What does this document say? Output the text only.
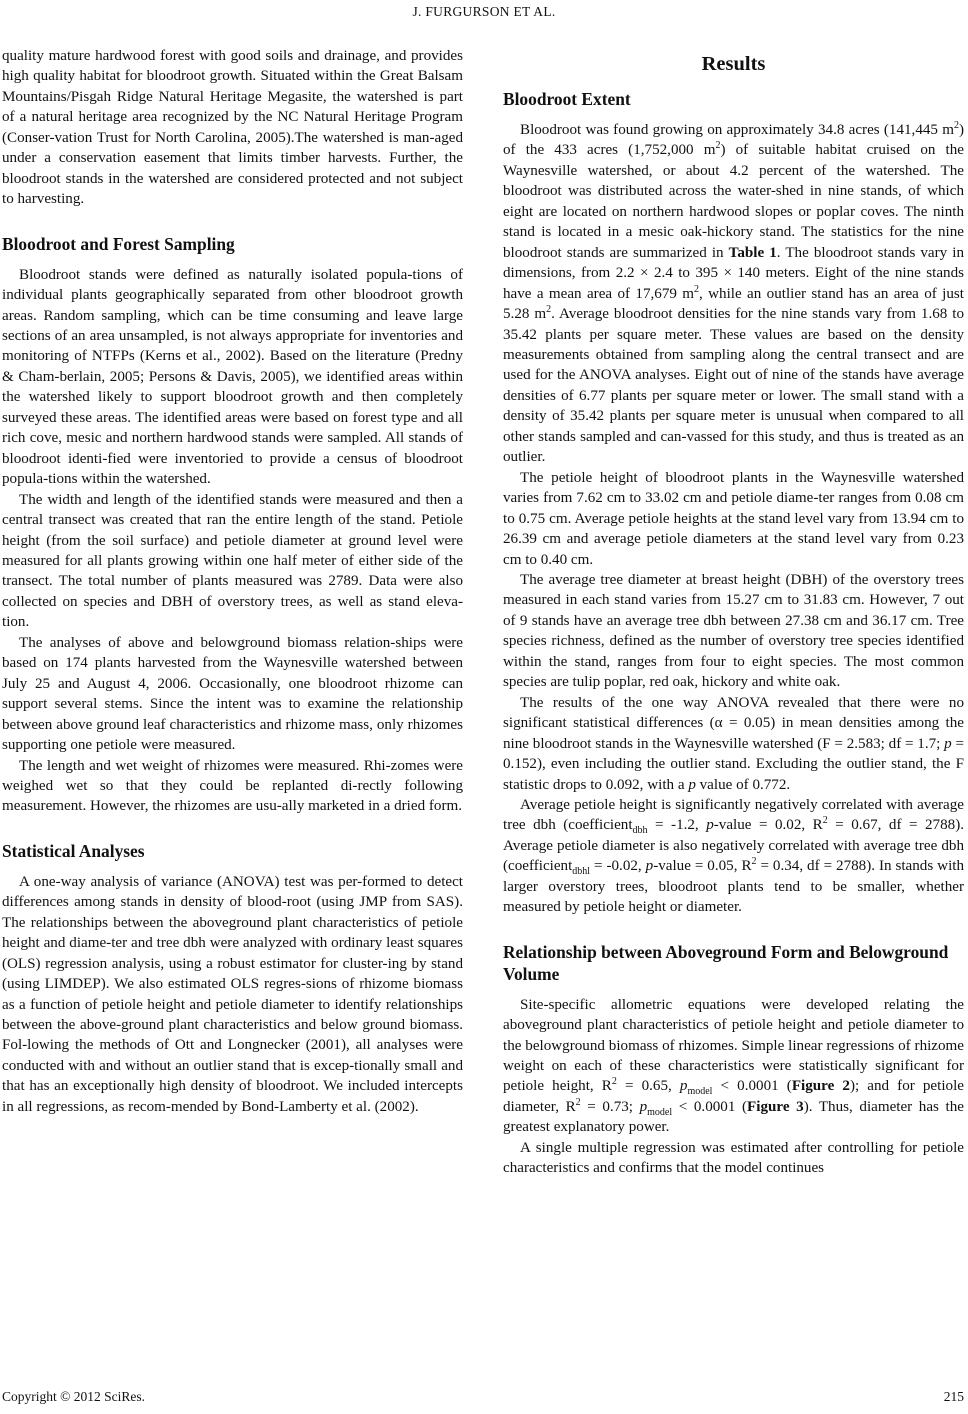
J. FURGURSON ET AL.

quality mature hardwood forest with good soils and drainage, and provides high quality habitat for bloodroot growth. Situated within the Great Balsam Mountains/Pisgah Ridge Natural Heritage Megasite, the watershed is part of a natural heritage area recognized by the NC Natural Heritage Program (Conser-vation Trust for North Carolina, 2005).The watershed is man-aged under a conservation easement that limits timber harvests. Further, the bloodroot stands in the watershed are considered protected and not subject to harvesting.

Bloodroot and Forest Sampling

Bloodroot stands were defined as naturally isolated popula-tions of individual plants geographically separated from other bloodroot growth areas. Random sampling, which can be time consuming and leave large sections of an area unsampled, is not always appropriate for inventories and monitoring of NTFPs (Kerns et al., 2002). Based on the literature (Predny & Cham-berlain, 2005; Persons & Davis, 2005), we identified areas within the watershed likely to support bloodroot growth and then completely surveyed these areas. The identified areas were based on forest type and all rich cove, mesic and northern hardwood stands were sampled. All stands of bloodroot identi-fied were inventoried to provide a census of bloodroot popula-tions within the watershed.

The width and length of the identified stands were measured and then a central transect was created that ran the entire length of the stand. Petiole height (from the soil surface) and petiole diameter at ground level were measured for all plants growing within one half meter of either side of the transect. The total number of plants measured was 2789. Data were also collected on species and DBH of overstory trees, as well as stand eleva-tion.

The analyses of above and belowground biomass relation-ships were based on 174 plants harvested from the Waynesville watershed between July 25 and August 4, 2006. Occasionally, one bloodroot rhizome can support several stems. Since the intent was to examine the relationship between above ground leaf characteristics and rhizome mass, only rhizomes supporting one petiole were measured.

The length and wet weight of rhizomes were measured. Rhi-zomes were weighed wet so that they could be replanted di-rectly following measurement. However, the rhizomes are usu-ally marketed in a dried form.

Statistical Analyses

A one-way analysis of variance (ANOVA) test was per-formed to detect differences among stands in density of blood-root (using JMP from SAS). The relationships between the aboveground plant characteristics of petiole height and diame-ter and tree dbh were analyzed with ordinary least squares (OLS) regression analysis, using a robust estimator for cluster-ing by stand (using LIMDEP). We also estimated OLS regres-sions of rhizome biomass as a function of petiole height and petiole diameter to identify relationships between the above-ground plant characteristics and below ground biomass. Fol-lowing the methods of Ott and Longnecker (2001), all analyses were conducted with and without an outlier stand that is excep-tionally small and that has an exceptionally high density of bloodroot. We included intercepts in all regressions, as recom-mended by Bond-Lamberty et al. (2002).

Results
Bloodroot Extent

Bloodroot was found growing on approximately 34.8 acres (141,445 $m^2$) of the 433 acres (1,752,000 $m^2$) of suitable habitat cruised on the Waynesville watershed, or about 4.2 percent of the watershed. The bloodroot was distributed across the water-shed in nine stands, of which eight are located on northern hardwood slopes or poplar coves. The ninth stand is located in a mesic oak-hickory stand. The statistics for the nine bloodroot stands are summarized in Table 1. The bloodroot stands vary in dimensions, from 2.2 × 2.4 to 395 × 140 meters. Eight of the nine stands have a mean area of 17,679 $m^2$, while an outlier stand has an area of just 5.28 $m^2$. Average bloodroot densities for the nine stands vary from 1.68 to 35.42 plants per square meter. These values are based on the density measurements obtained from sampling along the central transect and are used for the ANOVA analyses. Eight out of nine of the stands have average densities of 6.77 plants per square meter or lower. The small stand with a density of 35.42 plants per square meter is unusual when compared to all other stands sampled and can-vassed for this study, and thus is treated as an outlier.

The petiole height of bloodroot plants in the Waynesville watershed varies from 7.62 cm to 33.02 cm and petiole diame-ter ranges from 0.08 cm to 0.75 cm. Average petiole heights at the stand level vary from 13.94 cm to 26.39 cm and average petiole diameters at the stand level vary from 0.23 cm to 0.40 cm.

The average tree diameter at breast height (DBH) of the overstory trees measured in each stand varies from 15.27 cm to 31.83 cm. However, 7 out of 9 stands have an average tree dbh between 27.38 cm and 36.17 cm. Tree species richness, defined as the number of overstory tree species identified within the stand, ranges from four to eight species. The most common species are tulip poplar, red oak, hickory and white oak.

The results of the one way ANOVA revealed that there were no significant statistical differences (α = 0.05) in mean densities among the nine bloodroot stands in the Waynesville watershed (F = 2.583; df = 1.7; p = 0.152), even including the outlier stand. Excluding the outlier stand, the F statistic drops to 0.092, with a p value of 0.772.

Average petiole height is significantly negatively correlated with average tree dbh (coefficient$_{dbh}$ = -1.2, p-value = 0.02, $R^2 = 0.67$, df = 2788). Average petiole diameter is also negatively correlated with average tree dbh (coefficient$_{dbhl}$ = -0.02, p-value = 0.05, $R^2 = 0.34$, df = 2788). In stands with larger overstory trees, bloodroot plants tend to be smaller, whether measured by petiole height or diameter.

Relationship between Aboveground Form and Belowground Volume

Site-specific allometric equations were developed relating the aboveground plant characteristics of petiole height and petiole diameter to the belowground biomass of rhizomes. Simple linear regressions of rhizome weight on each of these characteristics were statistically significant for petiole height, $R^2 = 0.65$, $p_{model} < 0.0001$ (Figure 2); and for petiole diameter, $R^2 = 0.73$; $p_{model} < 0.0001$ (Figure 3). Thus, diameter has the greatest explanatory power.

A single multiple regression was estimated after controlling for petiole characteristics and confirms that the model continues

Copyright © 2012 SciRes.	215
